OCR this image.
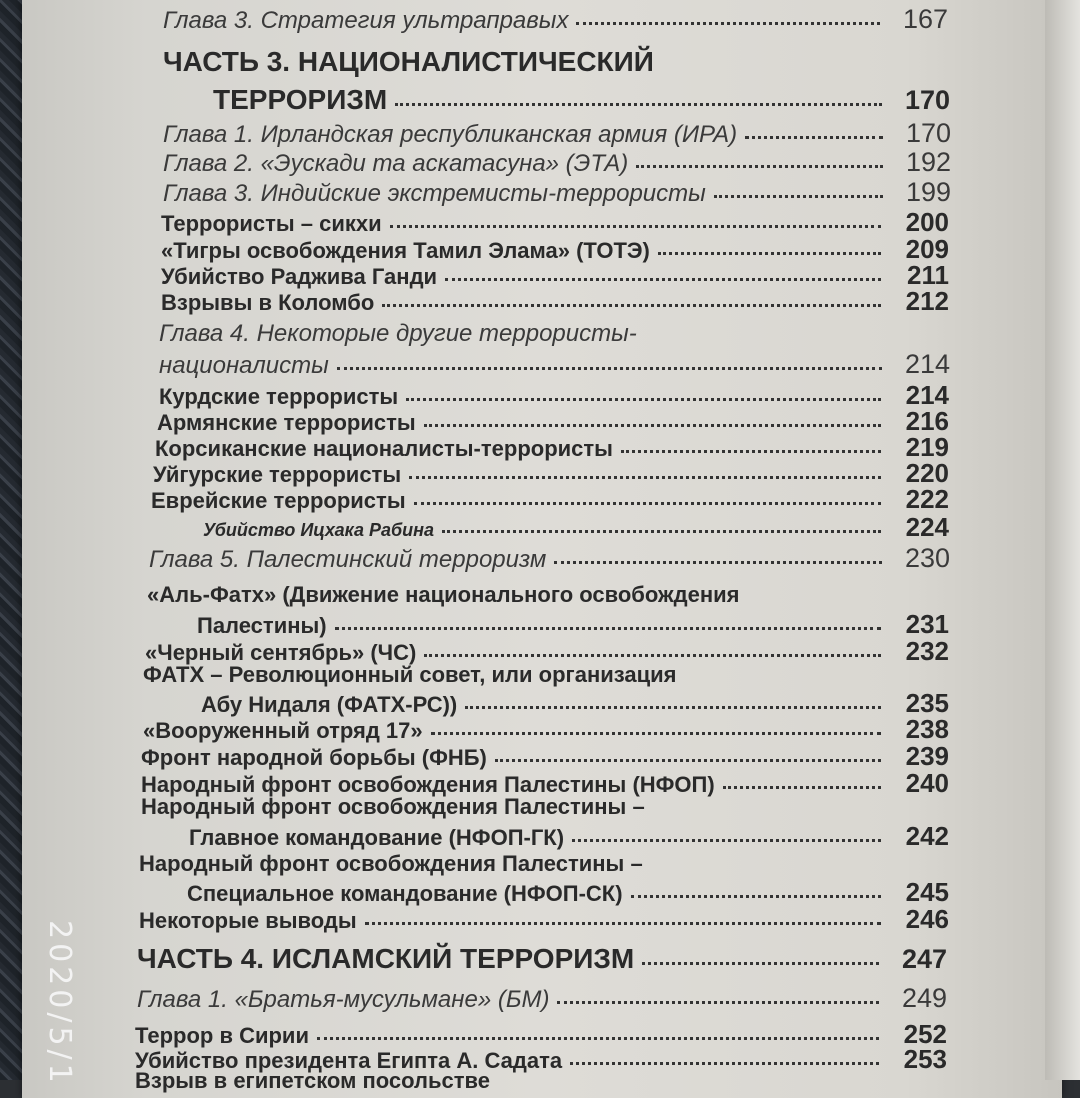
Глава 3. Стратегия ультраправых	167
ЧАСТЬ 3. НАЦИОНАЛИСТИЧЕСКИЙ
ТЕРРОРИЗМ	170
Глава 1. Ирландская республиканская армия (ИРА)	170
Глава 2. «Эускади та аскатасуна» (ЭТА)	192
Глава 3. Индийские экстремисты-террористы	199
Террористы – сикхи	200
«Тигры освобождения Тамил Элама» (ТОТЭ)	209
Убийство Раджива Ганди	211
Взрывы в Коломбо	212
Глава 4. Некоторые другие террористы-
националисты	214
Курдские террористы	214
Армянские террористы	216
Корсиканские националисты-террористы	219
Уйгурские террористы	220
Еврейские террористы	222
Убийство Ицхака Рабина	224
Глава 5. Палестинский терроризм	230
«Аль-Фатх» (Движение национального освобождения
Палестины)	231
«Черный сентябрь» (ЧС)	232
ФАТХ – Революционный совет, или организация
Абу Нидаля (ФАТХ-РС))	235
«Вооруженный отряд 17»	238
Фронт народной борьбы (ФНБ)	239
Народный фронт освобождения Палестины (НФОП)	240
Народный фронт освобождения Палестины –
Главное командование (НФОП-ГК)	242
Народный фронт освобождения Палестины –
Специальное командование (НФОП-СК)	245
Некоторые выводы	246
ЧАСТЬ 4. ИСЛАМСКИЙ ТЕРРОРИЗМ	247
Глава 1. «Братья-мусульмане» (БМ)	249
Террор в Сирии	252
Убийство президента Египта А. Садата	253
Взрыв в египетском посольстве
2020/5/1
